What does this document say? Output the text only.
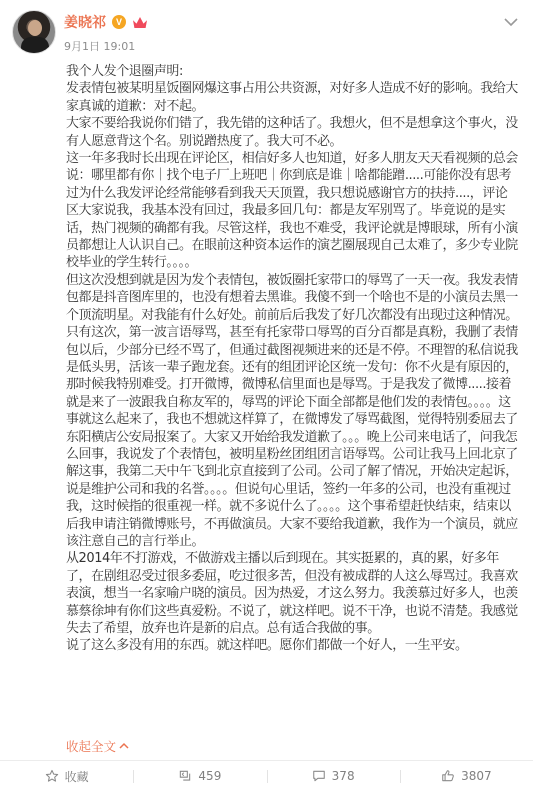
姜晓祁	V
9月1日 19:01

我个人发个退圈声明:

发表情包被某明星饭圈网爆这事占用公共资源，对好多人造成不好的影响。我给大家真诚的道歉：对不起。

大家不要给我说你们错了，我先错的这种话了。我想火，但不是想拿这个事火，没有人愿意背这个名。别说蹭热度了。我大可不必。

这一年多我时长出现在评论区，相信好多人也知道，好多人朋友天天看视频的总会说：哪里都有你｜找个电子厂上班吧｜你到底是谁｜啥都能蹭.....可能你没有思考过为什么我发评论经常能够看到我天天顶置，我只想说感谢官方的扶持....，评论区大家说我，我基本没有回过，我最多回几句：都是友军别骂了。毕竟说的是实话，热门视频的确都有我。尽管这样，我也不难受，我评论就是博眼球，所有小演员都想让人认识自己。在眼前这种资本运作的演艺圈展现自己太难了，多少专业院校毕业的学生转行。。。。

但这次没想到就是因为发个表情包，被饭圈托家带口的辱骂了一天一夜。我发表情包都是抖音图库里的，也没有想着去黑谁。我傻不到一个啥也不是的小演员去黑一个顶流明星。对我能有什么好处。前前后后我发了好几次都没有出现过这种情况。只有这次，第一波言语辱骂，甚至有托家带口辱骂的百分百都是真粉，我删了表情包以后，少部分已经不骂了，但通过截图视频进来的还是不停。不理智的私信说我是低头男，活该一辈子跑龙套。还有的组团评论区统一发句：你不火是有原因的，那时候我特别难受。打开微博，微博私信里面也是辱骂。于是我发了微博.....接着就是来了一波跟我自称友军的，辱骂的评论下面全部都是他们发的表情包。。。。这事就这么起来了，我也不想就这样算了，在微博发了辱骂截图，觉得特别委屈去了东阳横店公安局报案了。大家又开始给我发道歉了。。。晚上公司来电话了，问我怎么回事，我说发了个表情包，被明星粉丝团组团言语辱骂。公司让我马上回北京了解这事，我第二天中午飞到北京直接到了公司。公司了解了情况，开始决定起诉，说是维护公司和我的名誉。。。。但说句心里话，签约一年多的公司，也没有重视过我，这时候指的很重视一样。就不多说什么了。。。。这个事希望赶快结束，结束以后我申请注销微博账号，不再做演员。大家不要给我道歉，我作为一个演员，就应该注意自己的言行举止。

从2014年不打游戏，不做游戏主播以后到现在。其实挺累的，真的累，好多年了，在剧组忍受过很多委屈，吃过很多苦，但没有被成群的人这么辱骂过。我喜欢表演，想当一名家喻户晓的演员。因为热爱，才这么努力。我羡慕过好多人，也羡慕蔡徐坤有你们这些真爱粉。不说了，就这样吧。说不干净，也说不清楚。我感觉失去了希望，放弃也许是新的启点。总有适合我做的事。

说了这么多没有用的东西。就这样吧。愿你们都做一个好人，一生平安。

收起全文
收藏	459	378	3807
